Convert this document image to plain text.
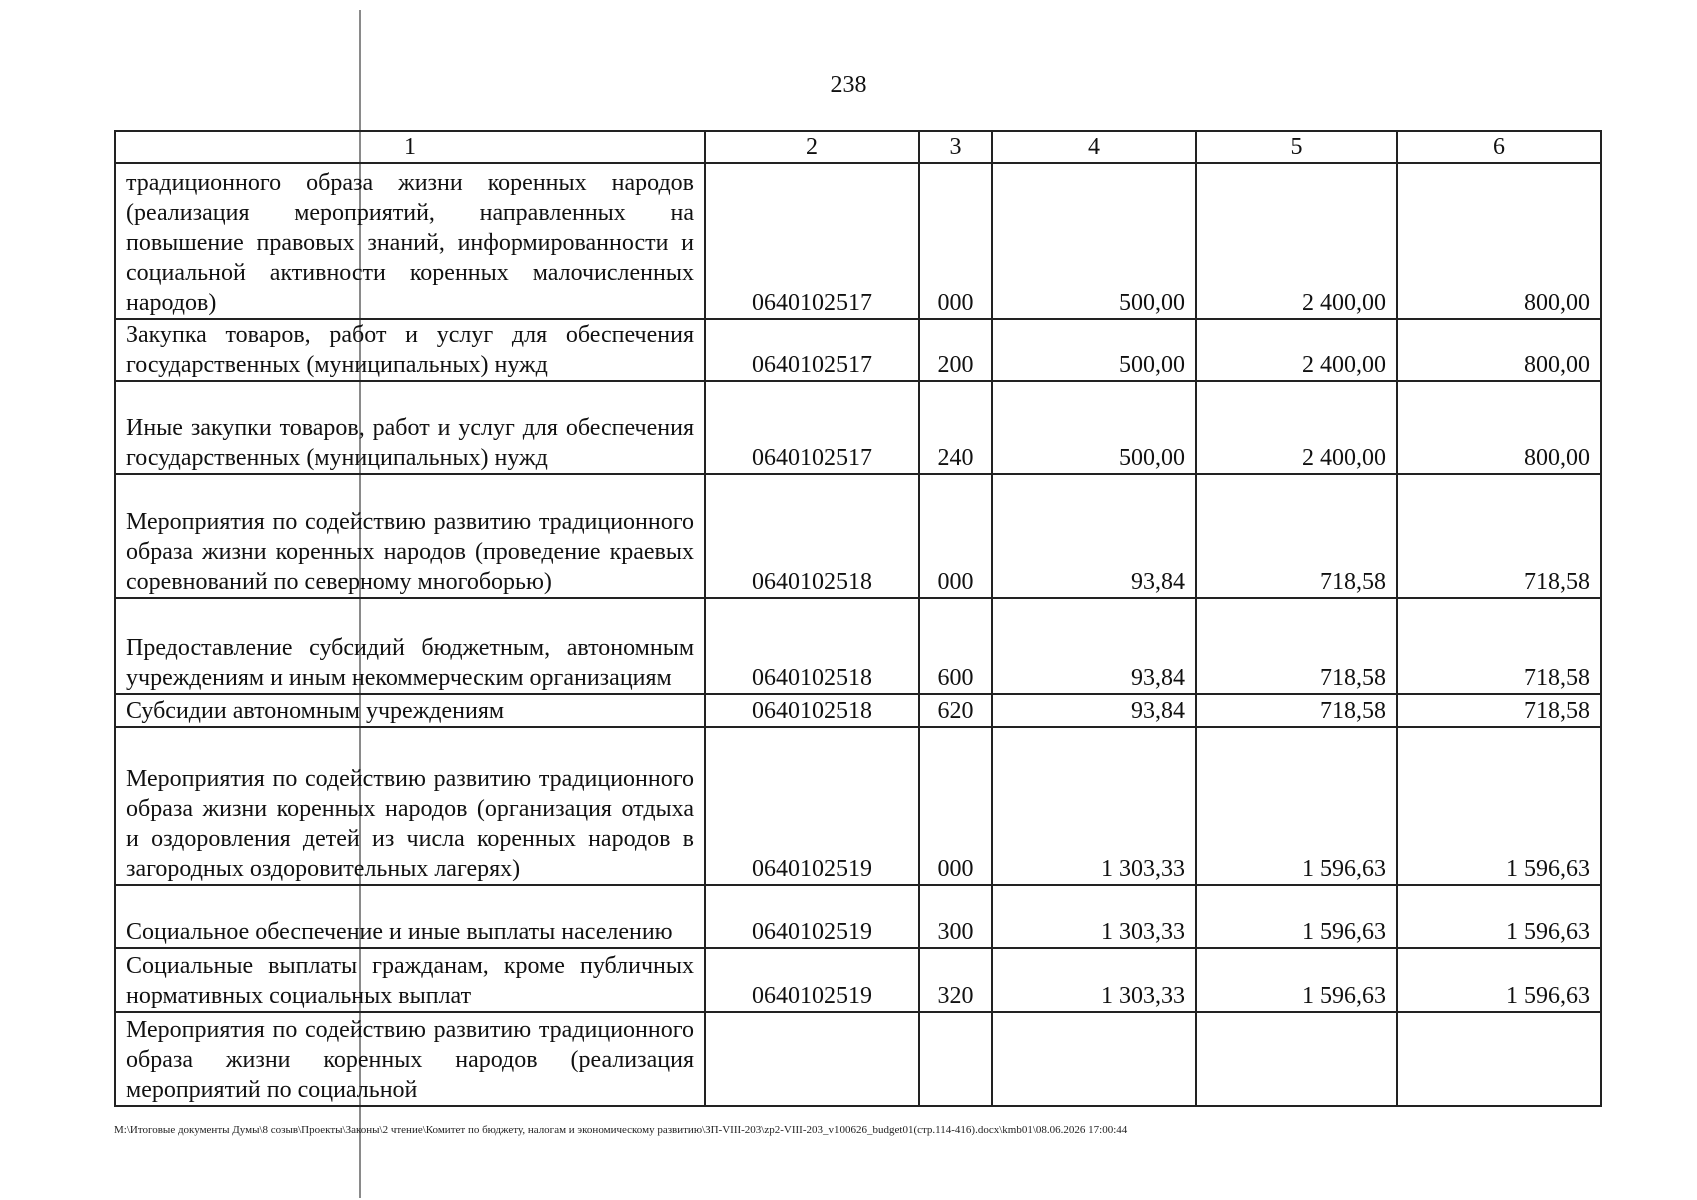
238
1	2	3	4	5	6
традиционного образа жизни коренных народов (реализация мероприятий, направленных на повышение правовых знаний, информированности и социальной активности коренных малочисленных народов)	0640102517	000	500,00	2 400,00	800,00
Закупка товаров, работ и услуг для обеспечения государственных (муниципальных) нужд	0640102517	200	500,00	2 400,00	800,00
Иные закупки товаров, работ и услуг для обеспечения государственных (муниципальных) нужд	0640102517	240	500,00	2 400,00	800,00
Мероприятия по содействию развитию традиционного образа жизни коренных народов (проведение краевых соревнований по северному многоборью)	0640102518	000	93,84	718,58	718,58
Предоставление субсидий бюджетным, автономным учреждениям и иным некоммерческим организациям	0640102518	600	93,84	718,58	718,58
Субсидии автономным учреждениям	0640102518	620	93,84	718,58	718,58
Мероприятия по содействию развитию традиционного образа жизни коренных народов (организация отдыха и оздоровления детей из числа коренных народов в загородных оздоровительных лагерях)	0640102519	000	1 303,33	1 596,63	1 596,63
Социальное обеспечение и иные выплаты населению	0640102519	300	1 303,33	1 596,63	1 596,63
Социальные выплаты гражданам, кроме публичных нормативных социальных выплат	0640102519	320	1 303,33	1 596,63	1 596,63
Мероприятия по содействию развитию традиционного образа жизни коренных народов (реализация мероприятий по социальной					
M:\Итоговые документы Думы\8 созыв\Проекты\Законы\2 чтение\Комитет по бюджету, налогам и экономическому развитию\ЗП-VIII-203\zp2-VIII-203_v100626_budget01(стр.114-416).docx\kmb01\08.06.2026 17:00:44
